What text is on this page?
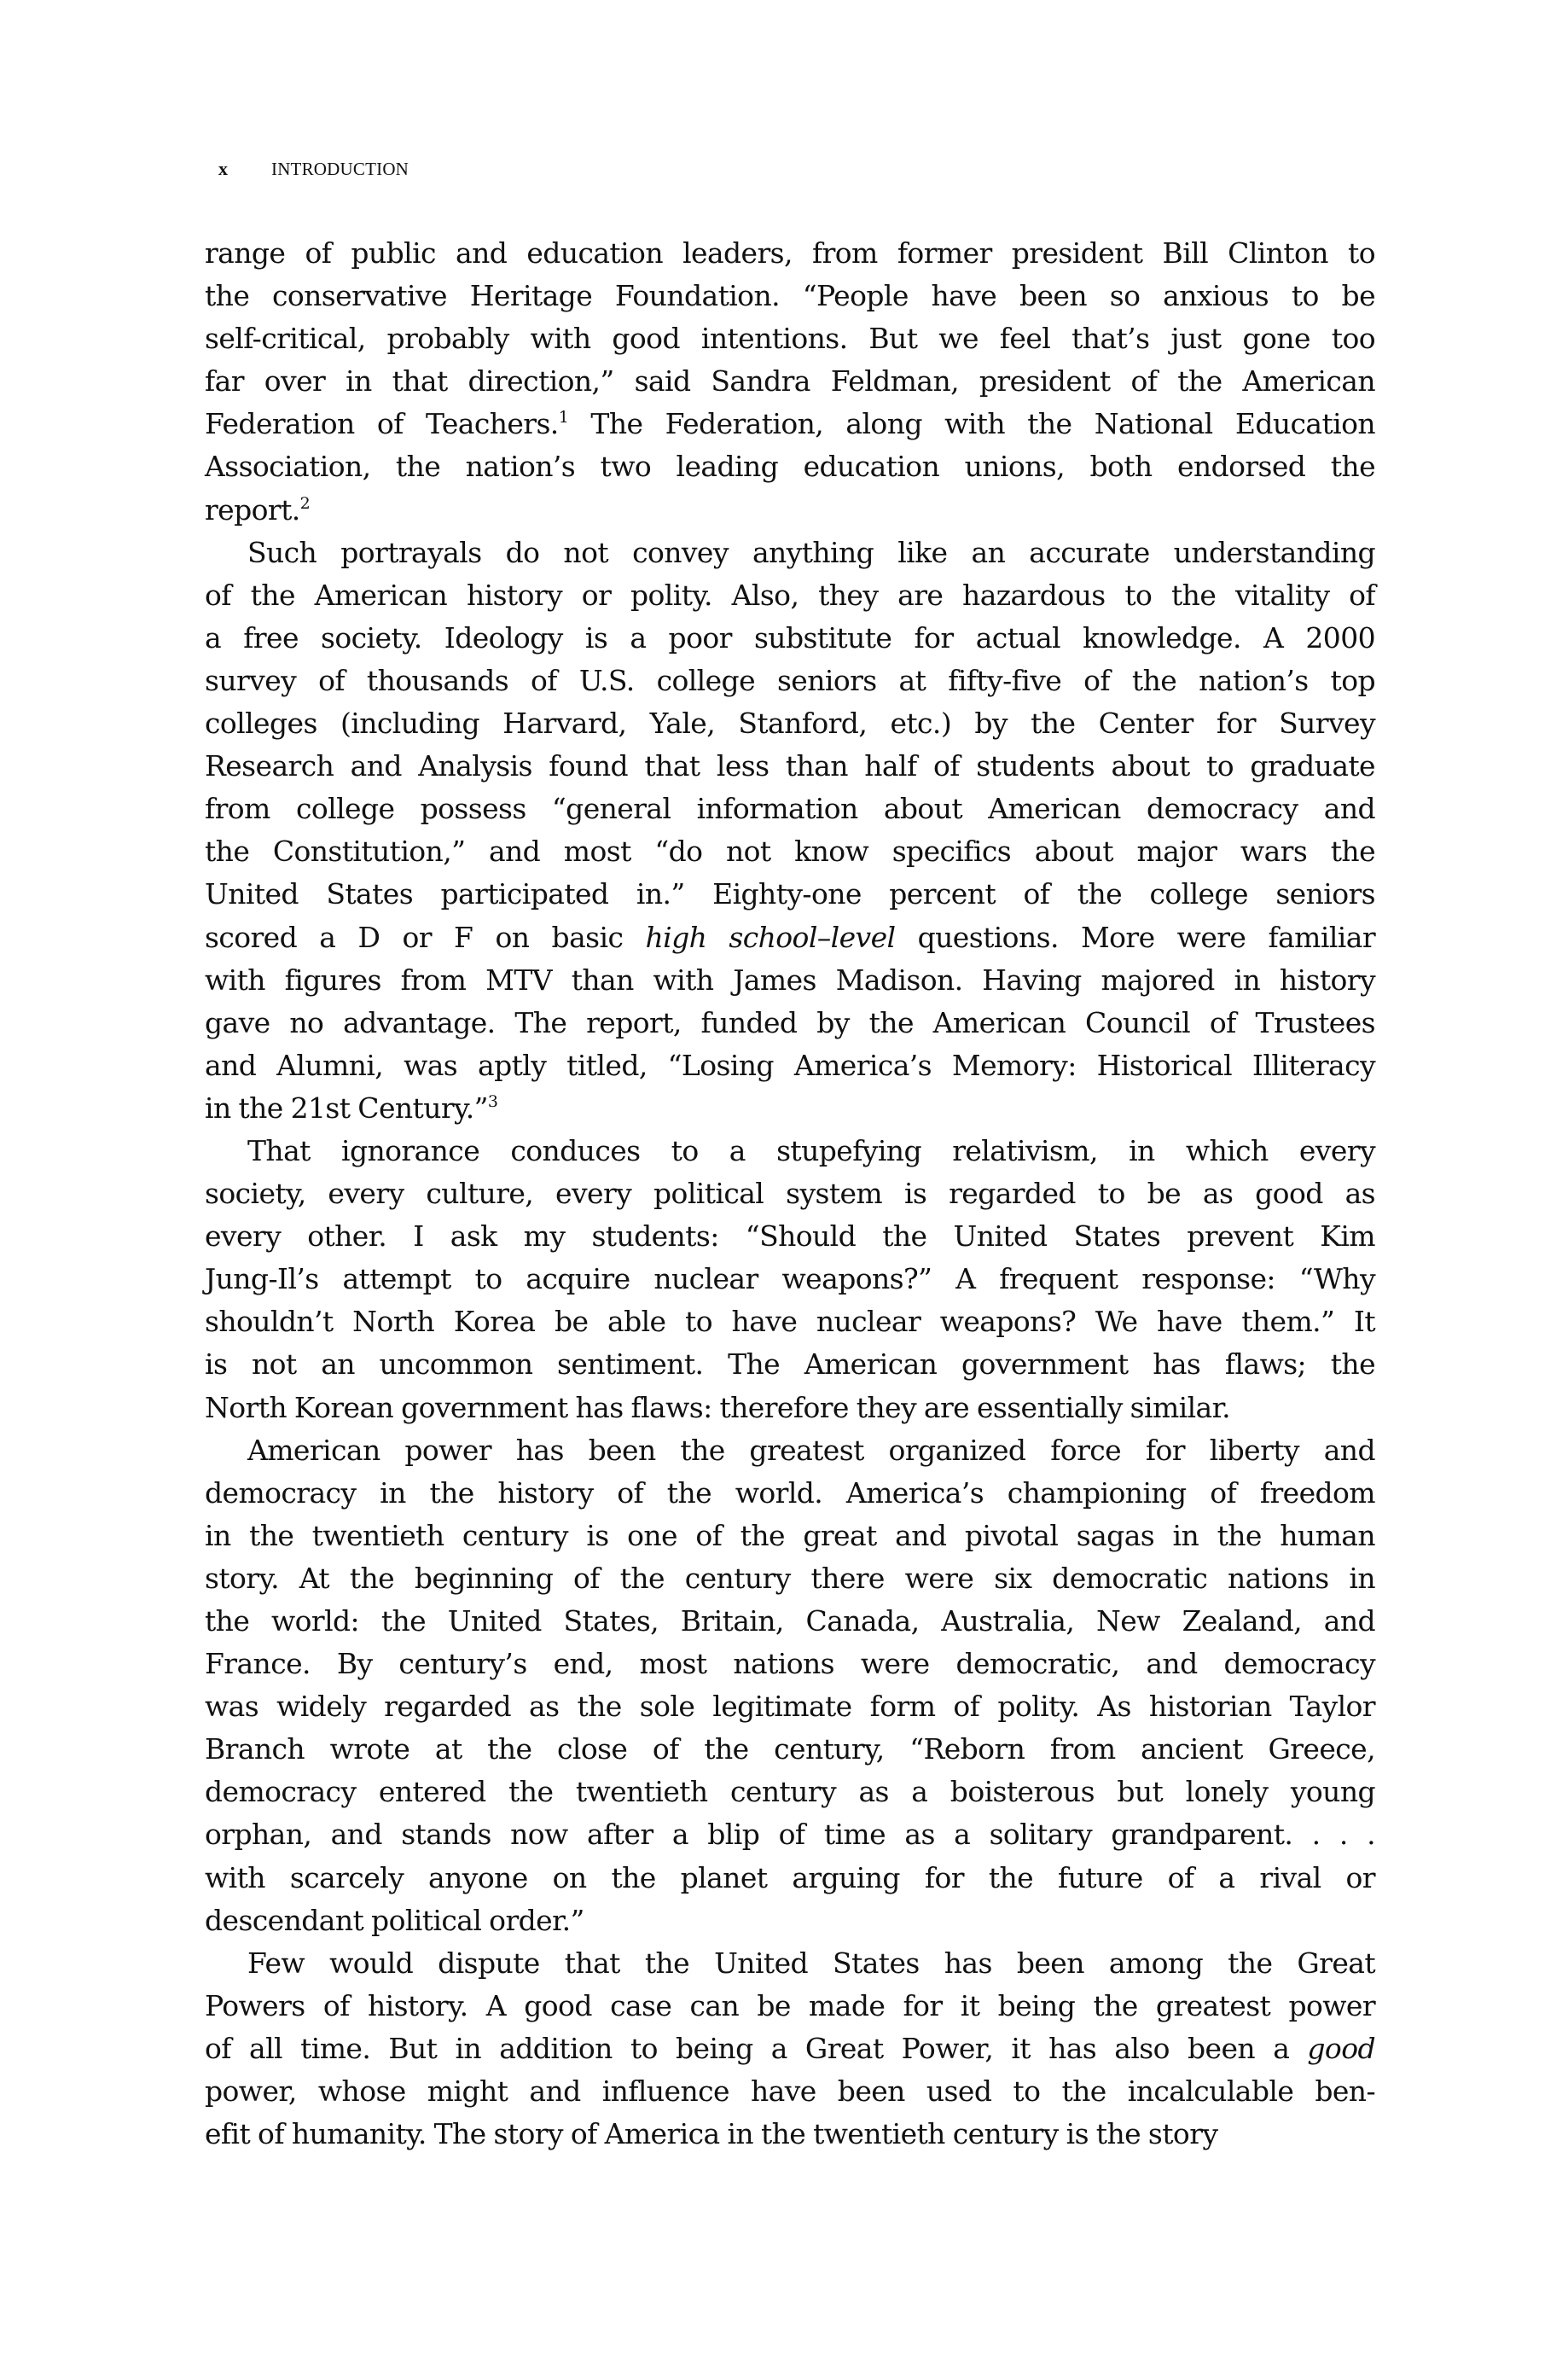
x INTRODUCTION
range of public and education leaders, from former president Bill Clinton to
the conservative Heritage Foundation. “People have been so anxious to be
self-critical, probably with good intentions. But we feel that’s just gone too
far over in that direction,” said Sandra Feldman, president of the American
Federation of Teachers.$^1$ The Federation, along with the National Education
Association, the nation’s two leading education unions, both endorsed the
report.$^2$
Such portrayals do not convey anything like an accurate understanding
of the American history or polity. Also, they are hazardous to the vitality of
a free society. Ideology is a poor substitute for actual knowledge. A 2000
survey of thousands of U.S. college seniors at fifty-five of the nation’s top
colleges (including Harvard, Yale, Stanford, etc.) by the Center for Survey
Research and Analysis found that less than half of students about to graduate
from college possess “general information about American democracy and
the Constitution,” and most “do not know specifics about major wars the
United States participated in.” Eighty-one percent of the college seniors
scored a D or F on basic high school–level questions. More were familiar
with figures from MTV than with James Madison. Having majored in history
gave no advantage. The report, funded by the American Council of Trustees
and Alumni, was aptly titled, “Losing America’s Memory: Historical Illiteracy
in the 21st Century.”$^3$
That ignorance conduces to a stupefying relativism, in which every
society, every culture, every political system is regarded to be as good as
every other. I ask my students: “Should the United States prevent Kim
Jung-Il’s attempt to acquire nuclear weapons?” A frequent response: “Why
shouldn’t North Korea be able to have nuclear weapons? We have them.” It
is not an uncommon sentiment. The American government has flaws; the
North Korean government has flaws: therefore they are essentially similar.
American power has been the greatest organized force for liberty and
democracy in the history of the world. America’s championing of freedom
in the twentieth century is one of the great and pivotal sagas in the human
story. At the beginning of the century there were six democratic nations in
the world: the United States, Britain, Canada, Australia, New Zealand, and
France. By century’s end, most nations were democratic, and democracy
was widely regarded as the sole legitimate form of polity. As historian Taylor
Branch wrote at the close of the century, “Reborn from ancient Greece,
democracy entered the twentieth century as a boisterous but lonely young
orphan, and stands now after a blip of time as a solitary grandparent. . . .
with scarcely anyone on the planet arguing for the future of a rival or
descendant political order.”
Few would dispute that the United States has been among the Great
Powers of history. A good case can be made for it being the greatest power
of all time. But in addition to being a Great Power, it has also been a good
power, whose might and influence have been used to the incalculable ben-
efit of humanity. The story of America in the twentieth century is the story
